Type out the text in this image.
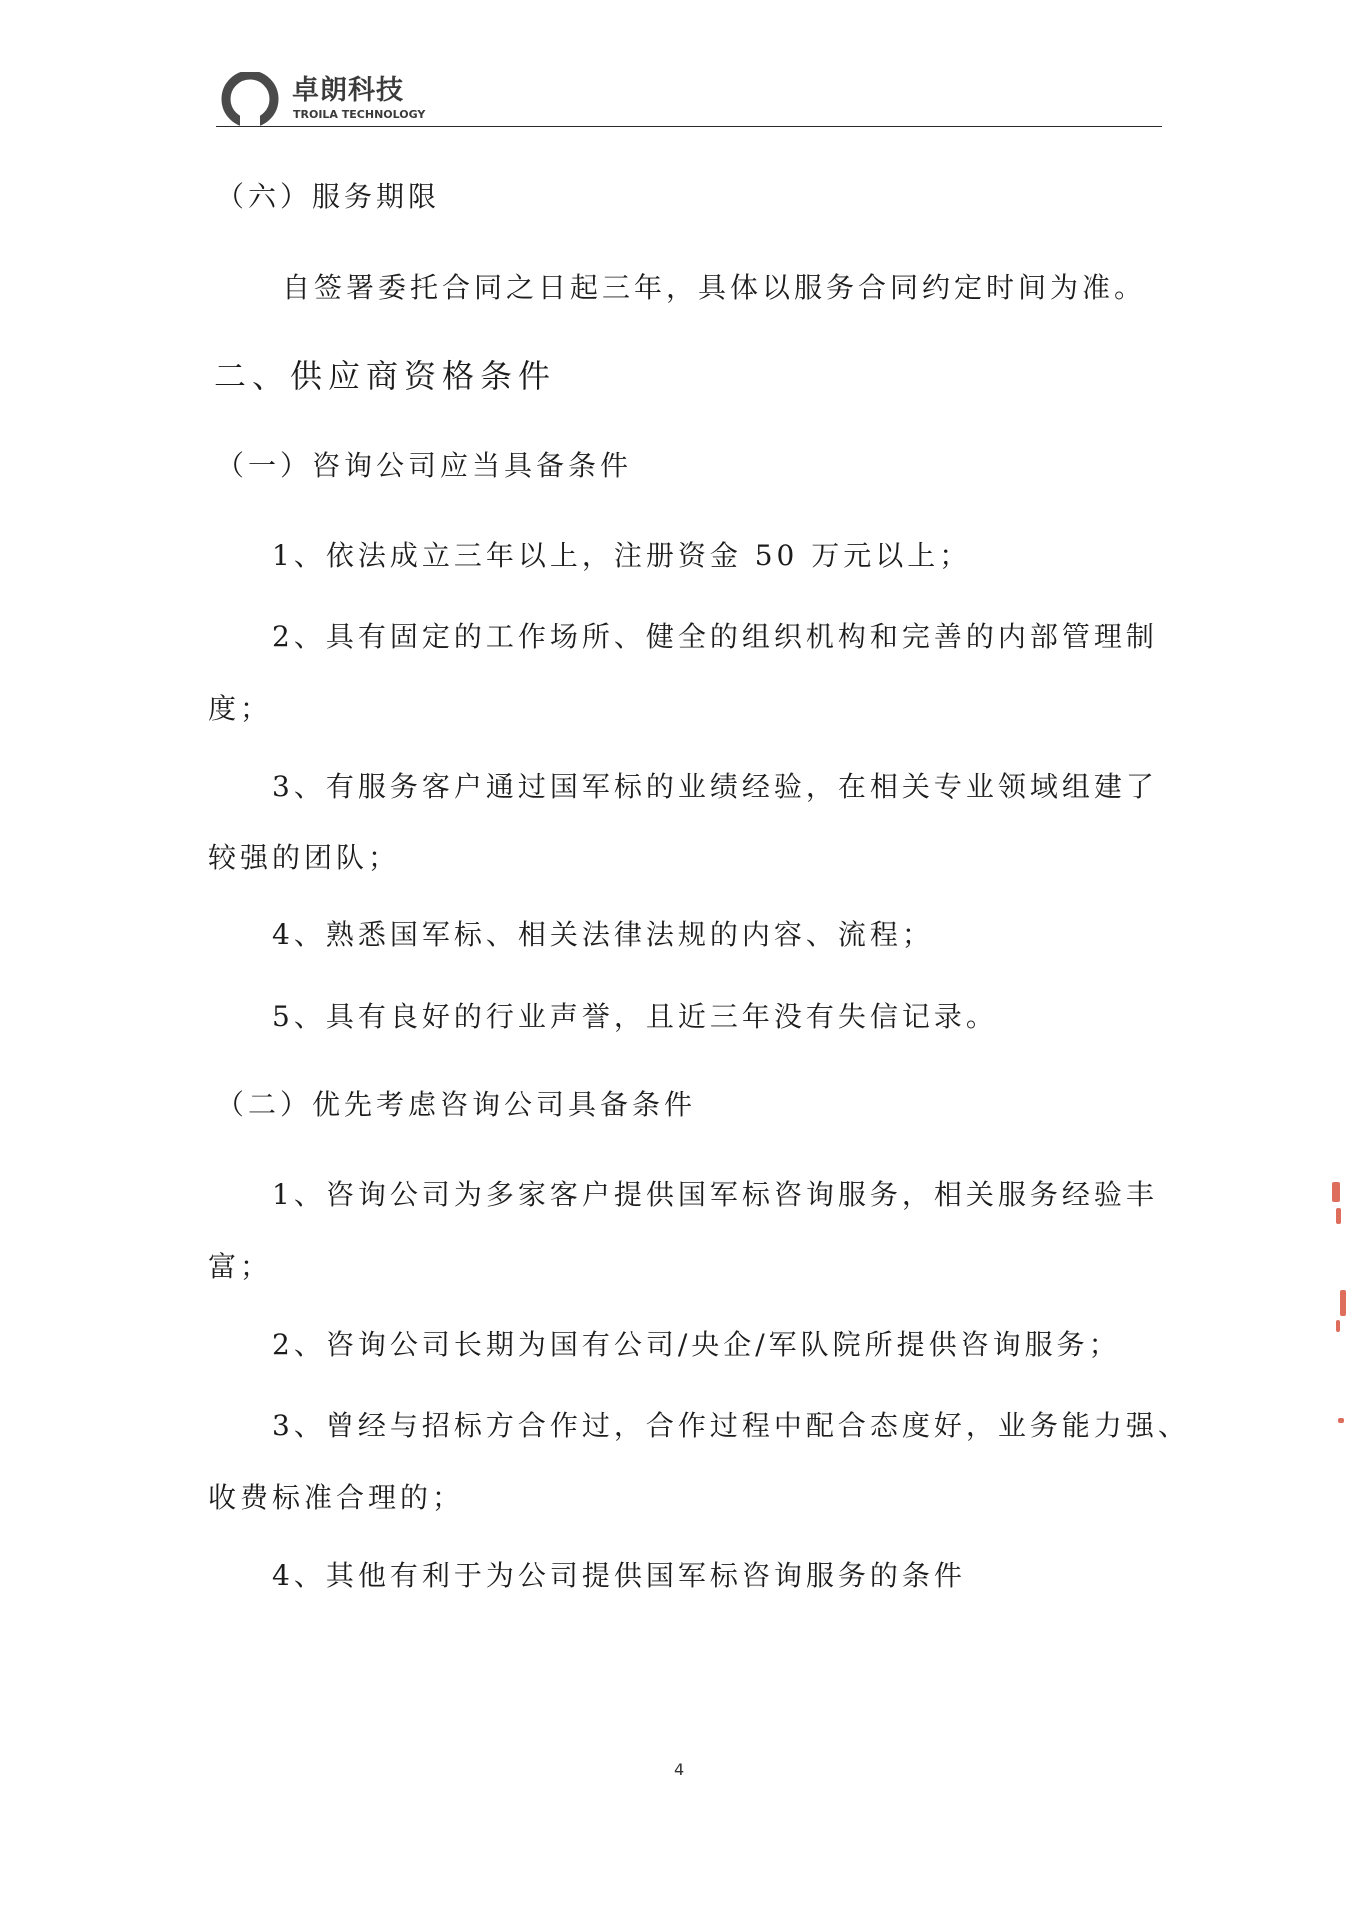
卓朗科技
TROILA TECHNOLOGY
（六）服务期限
自签署委托合同之日起三年，具体以服务合同约定时间为准。
二、供应商资格条件
（一）咨询公司应当具备条件
1、依法成立三年以上，注册资金 50 万元以上；
2、具有固定的工作场所、健全的组织机构和完善的内部管理制
度；
3、有服务客户通过国军标的业绩经验，在相关专业领域组建了
较强的团队；
4、熟悉国军标、相关法律法规的内容、流程；
5、具有良好的行业声誉，且近三年没有失信记录。
（二）优先考虑咨询公司具备条件
1、咨询公司为多家客户提供国军标咨询服务，相关服务经验丰
富；
2、咨询公司长期为国有公司/央企/军队院所提供咨询服务；
3、曾经与招标方合作过，合作过程中配合态度好，业务能力强、
收费标准合理的；
4、其他有利于为公司提供国军标咨询服务的条件
4
